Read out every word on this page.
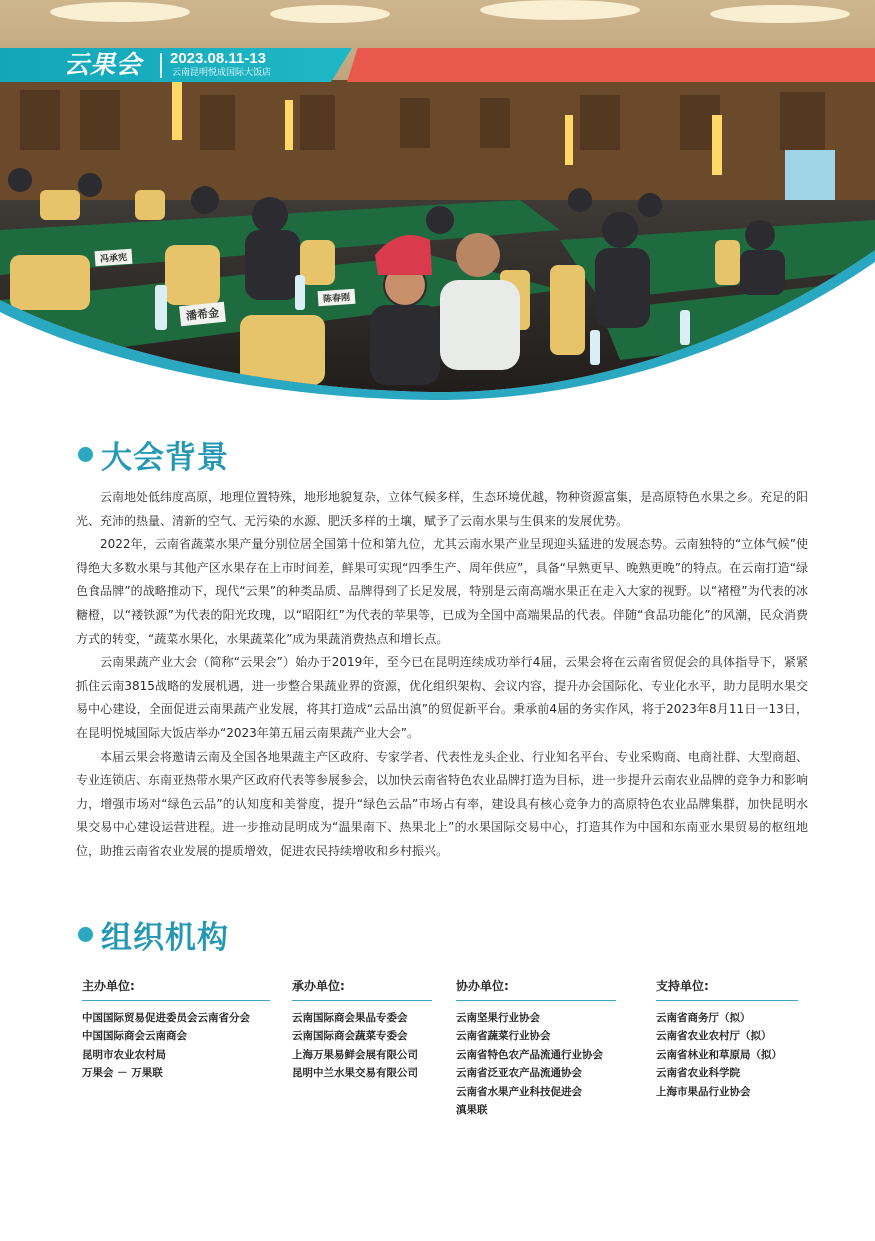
冯承宪
陈春刚
潘希金
云果会 2023.08.11-13
云南昆明悦成国际大饭店
大会背景

云南地处低纬度高原，地理位置特殊，地形地貌复杂，立体气候多样，生态环境优越，物种资源富集，是高原特色水果之乡。充足的阳光、充沛的热量、清新的空气、无污染的水源、肥沃多样的土壤，赋予了云南水果与生俱来的发展优势。

2022年，云南省蔬菜水果产量分别位居全国第十位和第九位，尤其云南水果产业呈现迎头猛进的发展态势。云南独特的“立体气候”使得绝大多数水果与其他产区水果存在上市时间差，鲜果可实现“四季生产、周年供应”，具备“早熟更早、晚熟更晚”的特点。在云南打造“绿色食品牌”的战略推动下，现代“云果”的种类品质、品牌得到了长足发展，特别是云南高端水果正在走入大家的视野。以“褚橙”为代表的冰糖橙，以“褛铁源”为代表的阳光玫瑰，以“昭阳红”为代表的苹果等，已成为全国中高端果品的代表。伴随“食品功能化”的风潮，民众消费方式的转变，“蔬菜水果化，水果蔬菜化”成为果蔬消费热点和增长点。

云南果蔬产业大会（简称“云果会”）始办于2019年，至今已在昆明连续成功举行4届，云果会将在云南省贸促会的具体指导下，紧紧抓住云南3815战略的发展机遇，进一步整合果蔬业界的资源，优化组织架构、会议内容，提升办会国际化、专业化水平，助力昆明水果交易中心建设，全面促进云南果蔬产业发展，将其打造成“云品出滇”的贸促新平台。秉承前4届的务实作风，将于2023年8月11日一13日，在昆明悦城国际大饭店举办“2023年第五届云南果蔬产业大会”。

本届云果会将邀请云南及全国各地果蔬主产区政府、专家学者、代表性龙头企业、行业知名平台、专业采购商、电商社群、大型商超、专业连锁店、东南亚热带水果产区政府代表等参展参会，以加快云南省特色农业品牌打造为目标，进一步提升云南农业品牌的竞争力和影响力，增强市场对“绿色云品”的认知度和美誉度，提升“绿色云品”市场占有率，建设具有核心竞争力的高原特色农业品牌集群，加快昆明水果交易中心建设运营进程。进一步推动昆明成为“温果南下、热果北上”的水果国际交易中心，打造其作为中国和东南亚水果贸易的枢纽地位，助推云南省农业发展的提质增效，促进农民持续增收和乡村振兴。

组织机构
主办单位:
中国国际贸易促进委员会云南省分会
中国国际商会云南商会
昆明市农业农村局
万果会 － 万果联
承办单位:
云南国际商会果品专委会
云南国际商会蔬菜专委会
上海万果易鲜会展有限公司
昆明中兰水果交易有限公司
协办单位:
云南坚果行业协会
云南省蔬菜行业协会
云南省特色农产品流通行业协会
云南省泛亚农产品流通协会
云南省水果产业科技促进会
滇果联
支持单位:
云南省商务厅（拟）
云南省农业农村厅（拟）
云南省林业和草原局（拟）
云南省农业科学院
上海市果品行业协会
